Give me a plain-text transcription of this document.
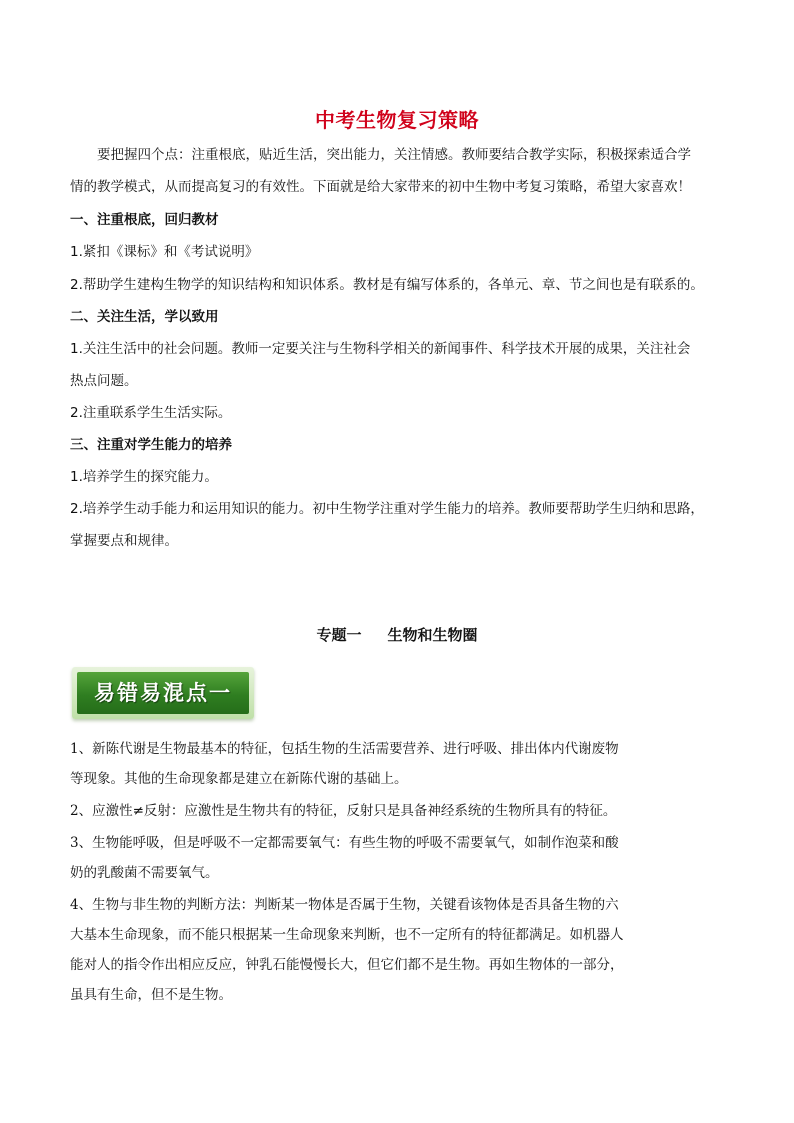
中考生物复习策略
要把握四个点：注重根底，贴近生活，突出能力，关注情感。教师要结合教学实际，积极探索适合学
情的教学模式，从而提高复习的有效性。下面就是给大家带来的初中生物中考复习策略，希望大家喜欢！
一、注重根底，回归教材
1.紧扣《课标》和《考试说明》
2.帮助学生建构生物学的知识结构和知识体系。教材是有编写体系的，各单元、章、节之间也是有联系的。
二、关注生活，学以致用
1.关注生活中的社会问题。教师一定要关注与生物科学相关的新闻事件、科学技术开展的成果，关注社会
热点问题。
2.注重联系学生生活实际。
三、注重对学生能力的培养
1.培养学生的探究能力。
2.培养学生动手能力和运用知识的能力。初中生物学注重对学生能力的培养。教师要帮助学生归纳和思路，
掌握要点和规律。
专题一 生物和生物圈
易错易混点一
1、新陈代谢是生物最基本的特征，包括生物的生活需要营养、进行呼吸、排出体内代谢废物
等现象。其他的生命现象都是建立在新陈代谢的基础上。
2、应激性≠反射：应激性是生物共有的特征，反射只是具备神经系统的生物所具有的特征。
3、生物能呼吸，但是呼吸不一定都需要氧气：有些生物的呼吸不需要氧气，如制作泡菜和酸
奶的乳酸菌不需要氧气。
4、生物与非生物的判断方法：判断某一物体是否属于生物，关键看该物体是否具备生物的六
大基本生命现象，而不能只根据某一生命现象来判断，也不一定所有的特征都满足。如机器人
能对人的指令作出相应反应，钟乳石能慢慢长大，但它们都不是生物。再如生物体的一部分，
虽具有生命，但不是生物。
